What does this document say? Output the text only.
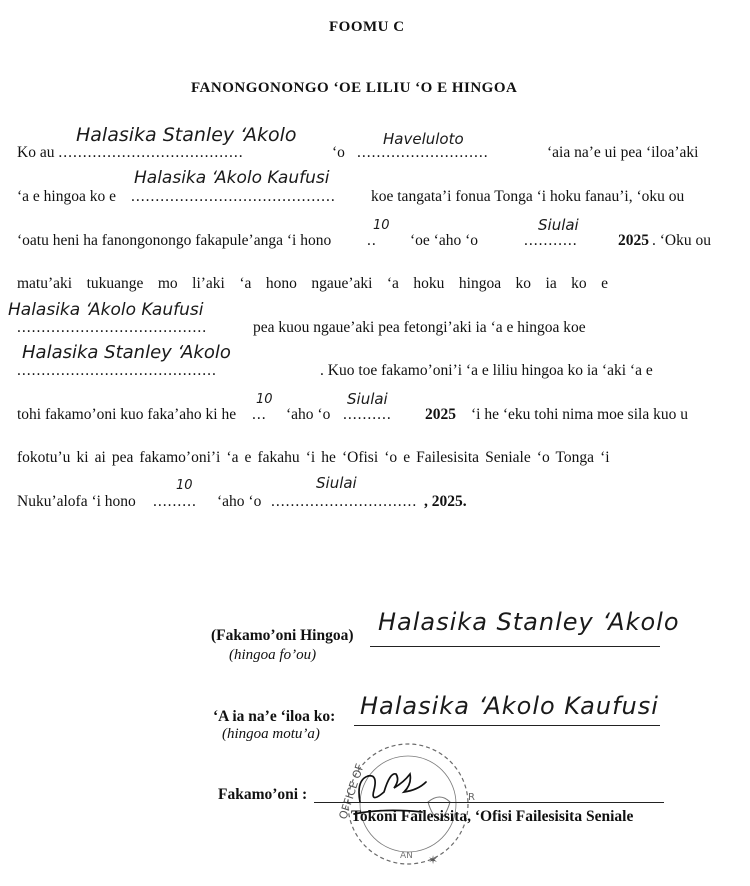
FOOMU C
FANONGONONGO ‘OE LILIU ‘O E HINGOA
Ko au ......................................
Halasika Stanley ‘Akolo
‘o ...........................
Haveluloto
‘aia na’e ui pea ‘iloa’aki
‘a e hingoa ko e ..........................................
Halasika ‘Akolo Kaufusi
koe tangata’i fonua Tonga ‘i hoku fanau’i, ‘oku ou
‘oatu heni ha fanongonongo fakapule’anga ‘i hono ..
10
‘oe ‘aho ‘o	...........
Siulai
2025 . ‘Oku ou
matu’aki tukuange mo li’aki ‘a hono ngaue’aki ‘a hoku hingoa ko ia ko e
.......................................
Halasika ‘Akolo Kaufusi
pea kuou ngaue’aki pea fetongi’aki ia ‘a e hingoa koe
.........................................
Halasika Stanley ‘Akolo
. Kuo toe fakamo’oni’i ‘a e liliu hingoa ko ia ‘aki ‘a e
tohi fakamo’oni kuo faka’aho ki he ...
10
‘aho ‘o ..........
Siulai
2025 ‘i he ‘eku tohi nima moe sila kuo u
fokotu’u ki ai pea fakamo’oni’i ‘a e fakahu ‘i he ‘Ofisi ‘o e Failesisita Seniale ‘o Tonga ‘i
Nuku’alofa ‘i hono .........
10
‘aho ‘o ..............................
Siulai
, 2025.
(Fakamo’oni Hingoa)
(hingoa fo’ou)
Halasika Stanley ‘Akolo
‘A ia na’e ‘iloa ko:
(hingoa motu’a)
Halasika ‘Akolo Kaufusi
OFFICE OF	R
AN ✶
Fakamo’oni :
Tokoni Failesisita, ‘Ofisi Failesisita Seniale
